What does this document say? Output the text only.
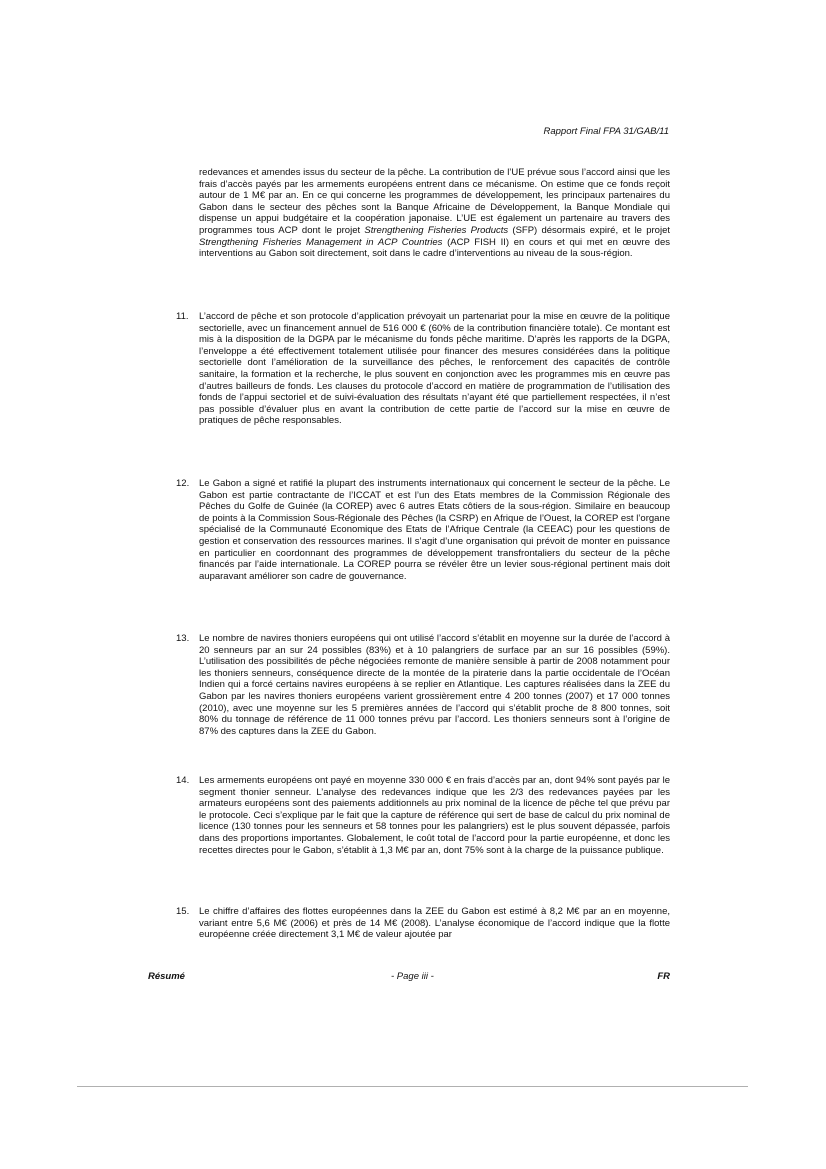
Rapport Final FPA 31/GAB/11

redevances et amendes issus du secteur de la pêche. La contribution de l’UE prévue sous l’accord ainsi que les frais d’accès payés par les armements européens entrent dans ce mécanisme. On estime que ce fonds reçoit autour de 1 M€ par an. En ce qui concerne les programmes de développement, les principaux partenaires du Gabon dans le secteur des pêches sont la Banque Africaine de Développement, la Banque Mondiale qui dispense un appui budgétaire et la coopération japonaise. L’UE est également un partenaire au travers des programmes tous ACP dont le projet Strengthening Fisheries Products (SFP) désormais expiré, et le projet Strengthening Fisheries Management in ACP Countries (ACP FISH II) en cours et qui met en œuvre des interventions au Gabon soit directement, soit dans le cadre d’interventions au niveau de la sous-région.

11. L’accord de pêche et son protocole d’application prévoyait un partenariat pour la mise en œuvre de la politique sectorielle, avec un financement annuel de 516 000 € (60% de la contribution financière totale). Ce montant est mis à la disposition de la DGPA par le mécanisme du fonds pêche maritime. D’après les rapports de la DGPA, l’enveloppe a été effectivement totalement utilisée pour financer des mesures considérées dans la politique sectorielle dont l’amélioration de la surveillance des pêches, le renforcement des capacités de contrôle sanitaire, la formation et la recherche, le plus souvent en conjonction avec les programmes mis en œuvre pas d’autres bailleurs de fonds. Les clauses du protocole d’accord en matière de programmation de l’utilisation des fonds de l’appui sectoriel et de suivi-évaluation des résultats n’ayant été que partiellement respectées, il n’est pas possible d’évaluer plus en avant la contribution de cette partie de l’accord sur la mise en œuvre de pratiques de pêche responsables.
12. Le Gabon a signé et ratifié la plupart des instruments internationaux qui concernent le secteur de la pêche. Le Gabon est partie contractante de l’ICCAT et est l’un des Etats membres de la Commission Régionale des Pêches du Golfe de Guinée (la COREP) avec 6 autres Etats côtiers de la sous-région. Similaire en beaucoup de points à la Commission Sous-Régionale des Pêches (la CSRP) en Afrique de l’Ouest, la COREP est l’organe spécialisé de la Communauté Economique des Etats de l’Afrique Centrale (la CEEAC) pour les questions de gestion et conservation des ressources marines. Il s’agit d’une organisation qui prévoit de monter en puissance en particulier en coordonnant des programmes de développement transfrontaliers du secteur de la pêche financés par l’aide internationale. La COREP pourra se révéler être un levier sous-régional pertinent mais doit auparavant améliorer son cadre de gouvernance.
13. Le nombre de navires thoniers européens qui ont utilisé l’accord s’établit en moyenne sur la durée de l’accord à 20 senneurs par an sur 24 possibles (83%) et à 10 palangriers de surface par an sur 16 possibles (59%). L’utilisation des possibilités de pêche négociées remonte de manière sensible à partir de 2008 notamment pour les thoniers senneurs, conséquence directe de la montée de la piraterie dans la partie occidentale de l’Océan Indien qui a forcé certains navires européens à se replier en Atlantique. Les captures réalisées dans la ZEE du Gabon par les navires thoniers européens varient grossièrement entre 4 200 tonnes (2007) et 17 000 tonnes (2010), avec une moyenne sur les 5 premières années de l’accord qui s’établit proche de 8 800 tonnes, soit 80% du tonnage de référence de 11 000 tonnes prévu par l’accord. Les thoniers senneurs sont à l’origine de 87% des captures dans la ZEE du Gabon.
14. Les armements européens ont payé en moyenne 330 000 € en frais d’accès par an, dont 94% sont payés par le segment thonier senneur. L’analyse des redevances indique que les 2/3 des redevances payées par les armateurs européens sont des paiements additionnels au prix nominal de la licence de pêche tel que prévu par le protocole. Ceci s’explique par le fait que la capture de référence qui sert de base de calcul du prix nominal de licence (130 tonnes pour les senneurs et 58 tonnes pour les palangriers) est le plus souvent dépassée, parfois dans des proportions importantes. Globalement, le coût total de l’accord pour la partie européenne, et donc les recettes directes pour le Gabon, s’établit à 1,3 M€ par an, dont 75% sont à la charge de la puissance publique.
15. Le chiffre d’affaires des flottes européennes dans la ZEE du Gabon est estimé à 8,2 M€ par an en moyenne, variant entre 5,6 M€ (2006) et près de 14 M€ (2008). L’analyse économique de l’accord indique que la flotte européenne créée directement 3,1 M€ de valeur ajoutée par
Résumé	- Page iii -	FR
